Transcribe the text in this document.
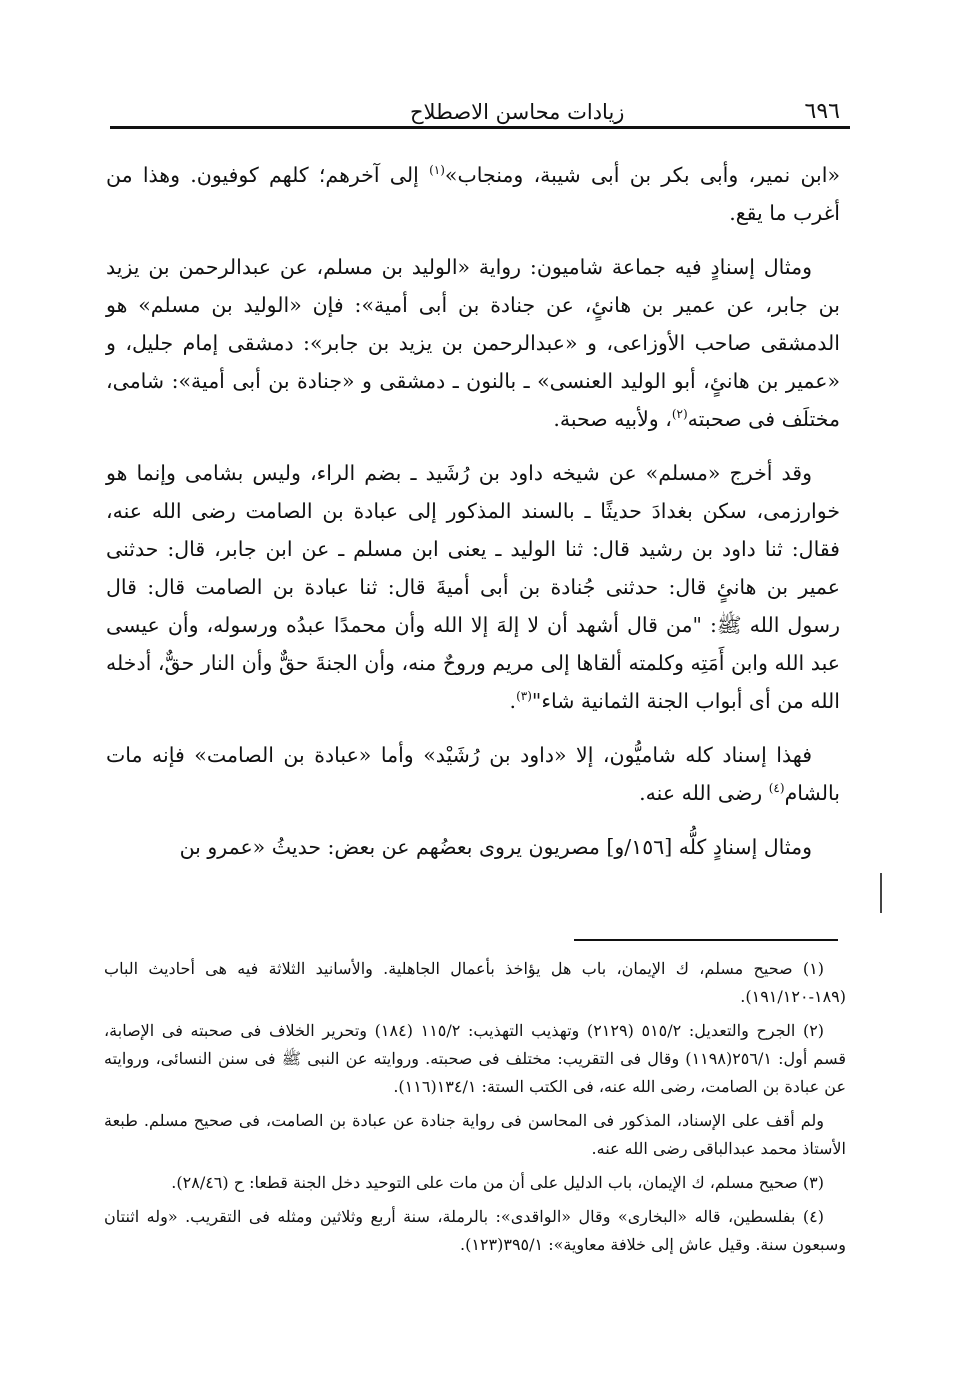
٦٩٦
زيادات محاسن الاصطلاح

«ابن نمير، وأبى بكر بن أبى شيبة، ومنجاب»$^{(١)}$ إلى آخرهم؛ كلهم كوفيون. وهذا من أغرب ما يقع.

ومثال إسنادٍ فيه جماعة شاميون: رواية «الوليد بن مسلم، عن عبدالرحمن بن يزيد بن جابر، عن عمير بن هانئٍ، عن جنادة بن أبى أمية»: فإن «الوليد بن مسلم» هو الدمشقى صاحب الأوزاعى، و «عبدالرحمن بن يزيد بن جابر»: دمشقى إمام جليل، و «عمير بن هانئٍ، أبو الوليد العنسى» ـ بالنون ـ دمشقى و «جنادة بن أبى أمية»: شامى، مختلَف فى صحبته$^{(٢)}$، ولأبيه صحبة.

وقد أخرج «مسلم» عن شيخه داود بن رُشَيد ـ بضم الراء، وليس بشامى وإنما هو خوارزمى، سكن بغدادَ حديثًا ـ بالسند المذكور إلى عبادة بن الصامت رضى الله عنه، فقال: ثنا داود بن رشيد قال: ثنا الوليد ـ يعنى ابن مسلم ـ عن ابن جابر، قال: حدثنى عمير بن هانئٍ قال: حدثنى جُنادة بن أبى أميةَ قال: ثنا عبادة بن الصامت قال: قال رسول الله ﷺ: "من قال أشهد أن لا إلهَ إلا الله وأن محمدًا عبدُه ورسوله، وأن عيسى عبد الله وابن أَمَتِه وكلمته ألقاها إلى مريم وروحٌ منه، وأن الجنةَ حقٌّ وأن النار حقٌّ، أدخله الله من أى أبواب الجنة الثمانية شاء"$^{(٣)}$.

فهذا إسناد كله شاميُّون، إلا «داود بن رُشَيْد» وأما «عبادة بن الصامت» فإنه مات بالشام$^{(٤)}$ رضى الله عنه.

ومثال إسنادٍ كلُّه [١٥٦/و] مصريون يروى بعضُهم عن بعض: حديثُ «عمرو بن

(١) صحيح مسلم، ك الإيمان، باب هل يؤاخذ بأعمال الجاهلية. والأسانيد الثلاثة فيه هى أحاديث الباب (١٨٩-١٩١/١٢٠).

(٢) الجرح والتعديل: ٥١٥/٢ (٢١٢٩) وتهذيب التهذيب: ١١٥/٢ (١٨٤) وتحرير الخلاف فى صحبته فى الإصابة، قسم أول: ٢٥٦/١(١١٩٨) وقال فى التقريب: مختلف فى صحبته. وروايته عن النبى ﷺ فى سنن النسائى، وروايته عن عبادة بن الصامت، رضى الله عنه، فى الكتب الستة: ١٣٤/١(١١٦).

ولم أقف على الإسناد، المذكور فى المحاسن فى رواية جنادة عن عبادة بن الصامت، فى صحيح مسلم. طبعة الأستاذ محمد عبدالباقى رضى الله عنه.

(٣) صحيح مسلم، ك الإيمان، باب الدليل على أن من مات على التوحيد دخل الجنة قطعا: ح (٢٨/٤٦).

(٤) بفلسطين، قاله «البخارى» وقال «الواقدى»: بالرملة، سنة أربع وثلاثين ومثله فى التقريب. «وله اثنتان وسبعون سنة. وقيل عاش إلى خلافة معاوية»: ٣٩٥/١(١٢٣).
